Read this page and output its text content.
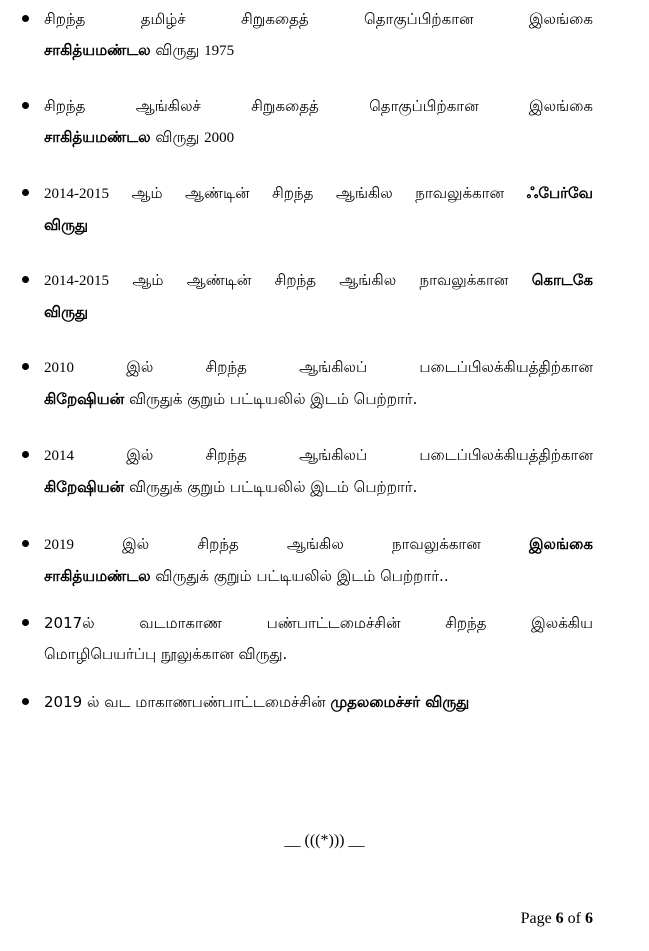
சிறந்த	தமிழ்ச்	சிறுகதைத்	தொகுப்பிற்கான	இலங்கை
சாகித்யமண்டல விருது 1975
சிறந்த	ஆங்கிலச்	சிறுகதைத்	தொகுப்பிற்கான	இலங்கை
சாகித்யமண்டல விருது 2000
2014-2015 ஆம் ஆண்டின் சிறந்த ஆங்கில நாவலுக்கான ஃபேர்வே
விருது
2014-2015 ஆம் ஆண்டின் சிறந்த ஆங்கில நாவலுக்கான கொடகே
விருது
2010	இல்	சிறந்த	ஆங்கிலப்	படைப்பிலக்கியத்திற்கான
கிறேஷியன் விருதுக் குறும் பட்டியலில் இடம் பெற்றார்.
2014	இல்	சிறந்த	ஆங்கிலப்	படைப்பிலக்கியத்திற்கான
கிறேஷியன் விருதுக் குறும் பட்டியலில் இடம் பெற்றார்.
2019	இல்	சிறந்த	ஆங்கில	நாவலுக்கான	இலங்கை
சாகித்யமண்டல விருதுக் குறும் பட்டியலில் இடம் பெற்றார்..
2017ல்	வடமாகாண	பண்பாட்டமைச்சின்	சிறந்த	இலக்கிய
மொழிபெயர்ப்பு நூலுக்கான விருது.
2019 ல் வட மாகாணபண்பாட்டமைச்சின் முதலமைச்சர் விருது
__ (((*))) __
Page 6 of 6
